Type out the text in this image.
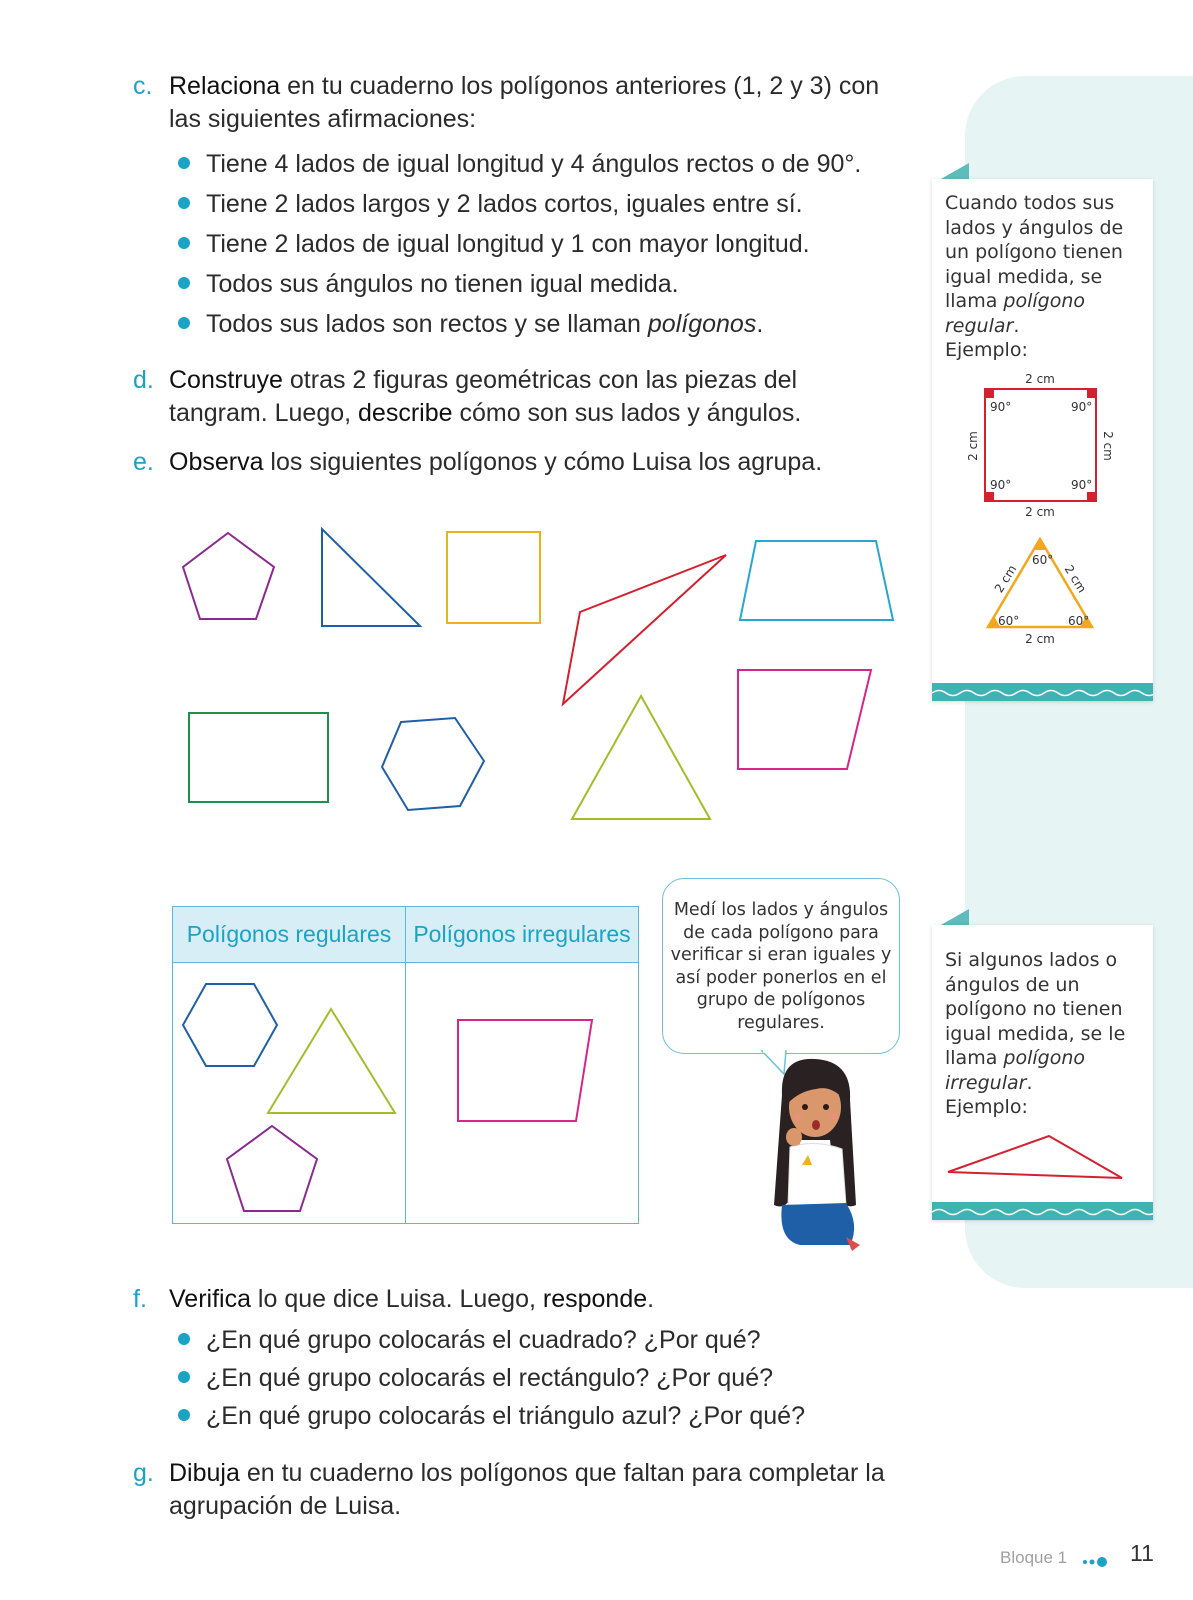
c. Relaciona en tu cuaderno los polígonos anteriores (1, 2 y 3) con las siguientes afirmaciones:
Tiene 4 lados de igual longitud y 4 ángulos rectos o de 90°.
Tiene 2 lados largos y 2 lados cortos, iguales entre sí.
Tiene 2 lados de igual longitud y 1 con mayor longitud.
Todos sus ángulos no tienen igual medida.
Todos sus lados son rectos y se llaman polígonos.
d. Construye otras 2 figuras geométricas con las piezas del tangram. Luego, describe cómo son sus lados y ángulos.
e. Observa los siguientes polígonos y cómo Luisa los agrupa.
Polígonos regulares	Polígonos irregulares

Medí los lados y ángulos de cada polígono para verificar si eran iguales y así poder ponerlos en el grupo de polígonos regulares.
Cuando todos sus lados y ángulos de un polígono tienen igual medida, se llama polígono regular.
Ejemplo:
2 cm
90°	90°
90°	90°
2 cm
2 cm	2 cm
60°
60°	60°
2 cm	2 cm
2 cm
Si algunos lados o ángulos de un polígono no tienen igual medida, se le llama polígono irregular.
Ejemplo:
f. Verifica lo que dice Luisa. Luego, responde.
¿En qué grupo colocarás el cuadrado? ¿Por qué?
¿En qué grupo colocarás el rectángulo? ¿Por qué?
¿En qué grupo colocarás el triángulo azul? ¿Por qué?
g. Dibuja en tu cuaderno los polígonos que faltan para completar la agrupación de Luisa.
Bloque 1	11
